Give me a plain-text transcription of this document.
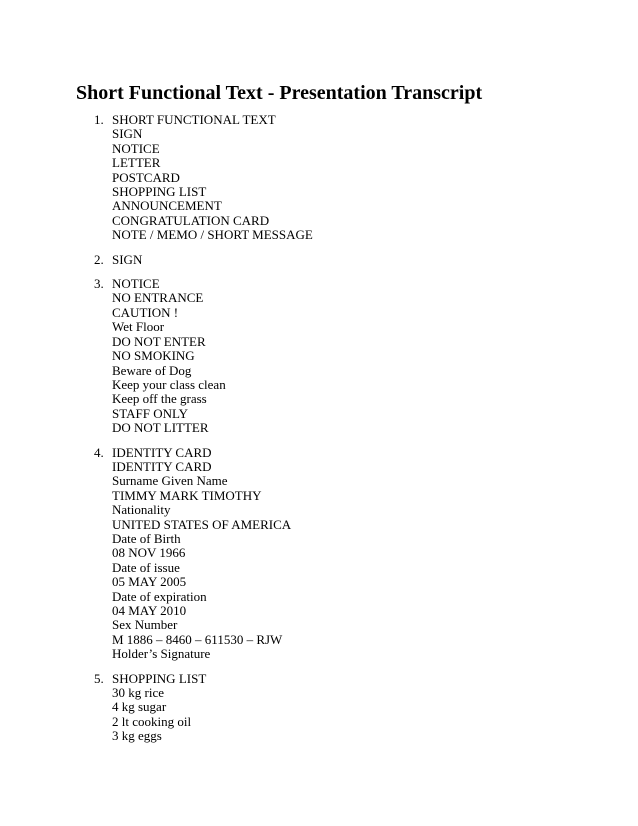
Short Functional Text - Presentation Transcript
1. SHORT FUNCTIONAL TEXT
SIGN
NOTICE
LETTER
POSTCARD
SHOPPING LIST
ANNOUNCEMENT
CONGRATULATION CARD
NOTE / MEMO / SHORT MESSAGE
2. SIGN
3. NOTICE
NO ENTRANCE
CAUTION !
Wet Floor
DO NOT ENTER
NO SMOKING
Beware of Dog
Keep your class clean
Keep off the grass
STAFF ONLY
DO NOT LITTER
4. IDENTITY CARD
IDENTITY CARD
Surname Given Name
TIMMY MARK TIMOTHY
Nationality
UNITED STATES OF AMERICA
Date of Birth
08 NOV 1966
Date of issue
05 MAY 2005
Date of expiration
04 MAY 2010
Sex Number
M 1886 – 8460 – 611530 – RJW
Holder’s Signature
5. SHOPPING LIST
30 kg rice
4 kg sugar
2 lt cooking oil
3 kg eggs
